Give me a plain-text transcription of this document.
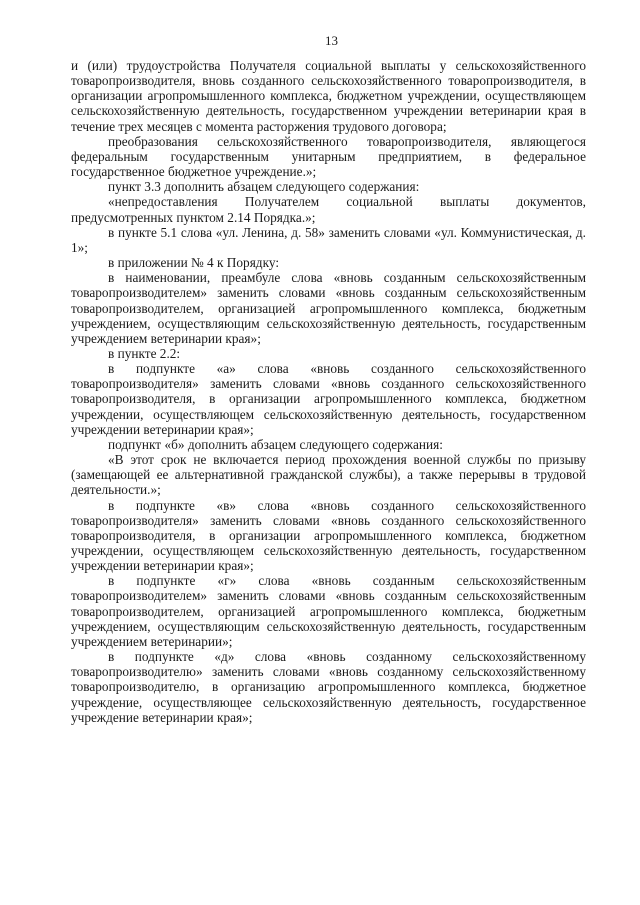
13

и (или) трудоустройства Получателя социальной выплаты у сельскохозяйственного товаропроизводителя, вновь созданного сельскохозяйственного товаропроизводителя, в организации агропромышленного комплекса, бюджетном учреждении, осуществляющем сельскохозяйственную деятельность, государственном учреждении ветеринарии края в течение трех месяцев с момента расторжения трудового договора;

преобразования сельскохозяйственного товаропроизводителя, являющегося федеральным государственным унитарным предприятием, в федеральное государственное бюджетное учреждение.»;

пункт 3.3 дополнить абзацем следующего содержания:

«непредоставления Получателем социальной выплаты документов, предусмотренных пунктом 2.14 Порядка.»;

в пункте 5.1 слова «ул. Ленина, д. 58» заменить словами «ул. Коммунистическая, д. 1»;

в приложении № 4 к Порядку:

в наименовании, преамбуле слова «вновь созданным сельскохозяйственным товаропроизводителем» заменить словами «вновь созданным сельскохозяйственным товаропроизводителем, организацией агропромышленного комплекса, бюджетным учреждением, осуществляющим сельскохозяйственную деятельность, государственным учреждением ветеринарии края»;

в пункте 2.2:

в подпункте «а» слова «вновь созданного сельскохозяйственного товаропроизводителя» заменить словами «вновь созданного сельскохозяйственного товаропроизводителя, в организации агропромышленного комплекса, бюджетном учреждении, осуществляющем сельскохозяйственную деятельность, государственном учреждении ветеринарии края»;

подпункт «б» дополнить абзацем следующего содержания:

«В этот срок не включается период прохождения военной службы по призыву (замещающей ее альтернативной гражданской службы), а также перерывы в трудовой деятельности.»;

в подпункте «в» слова «вновь созданного сельскохозяйственного товаропроизводителя» заменить словами «вновь созданного сельскохозяйственного товаропроизводителя, в организации агропромышленного комплекса, бюджетном учреждении, осуществляющем сельскохозяйственную деятельность, государственном учреждении ветеринарии края»;

в подпункте «г» слова «вновь созданным сельскохозяйственным товаропроизводителем» заменить словами «вновь созданным сельскохозяйственным товаропроизводителем, организацией агропромышленного комплекса, бюджетным учреждением, осуществляющим сельскохозяйственную деятельность, государственным учреждением ветеринарии»;

в подпункте «д» слова «вновь созданному сельскохозяйственному товаропроизводителю» заменить словами «вновь созданному сельскохозяйственному товаропроизводителю, в организацию агропромышленного комплекса, бюджетное учреждение, осуществляющее сельскохозяйственную деятельность, государственное учреждение ветеринарии края»;
